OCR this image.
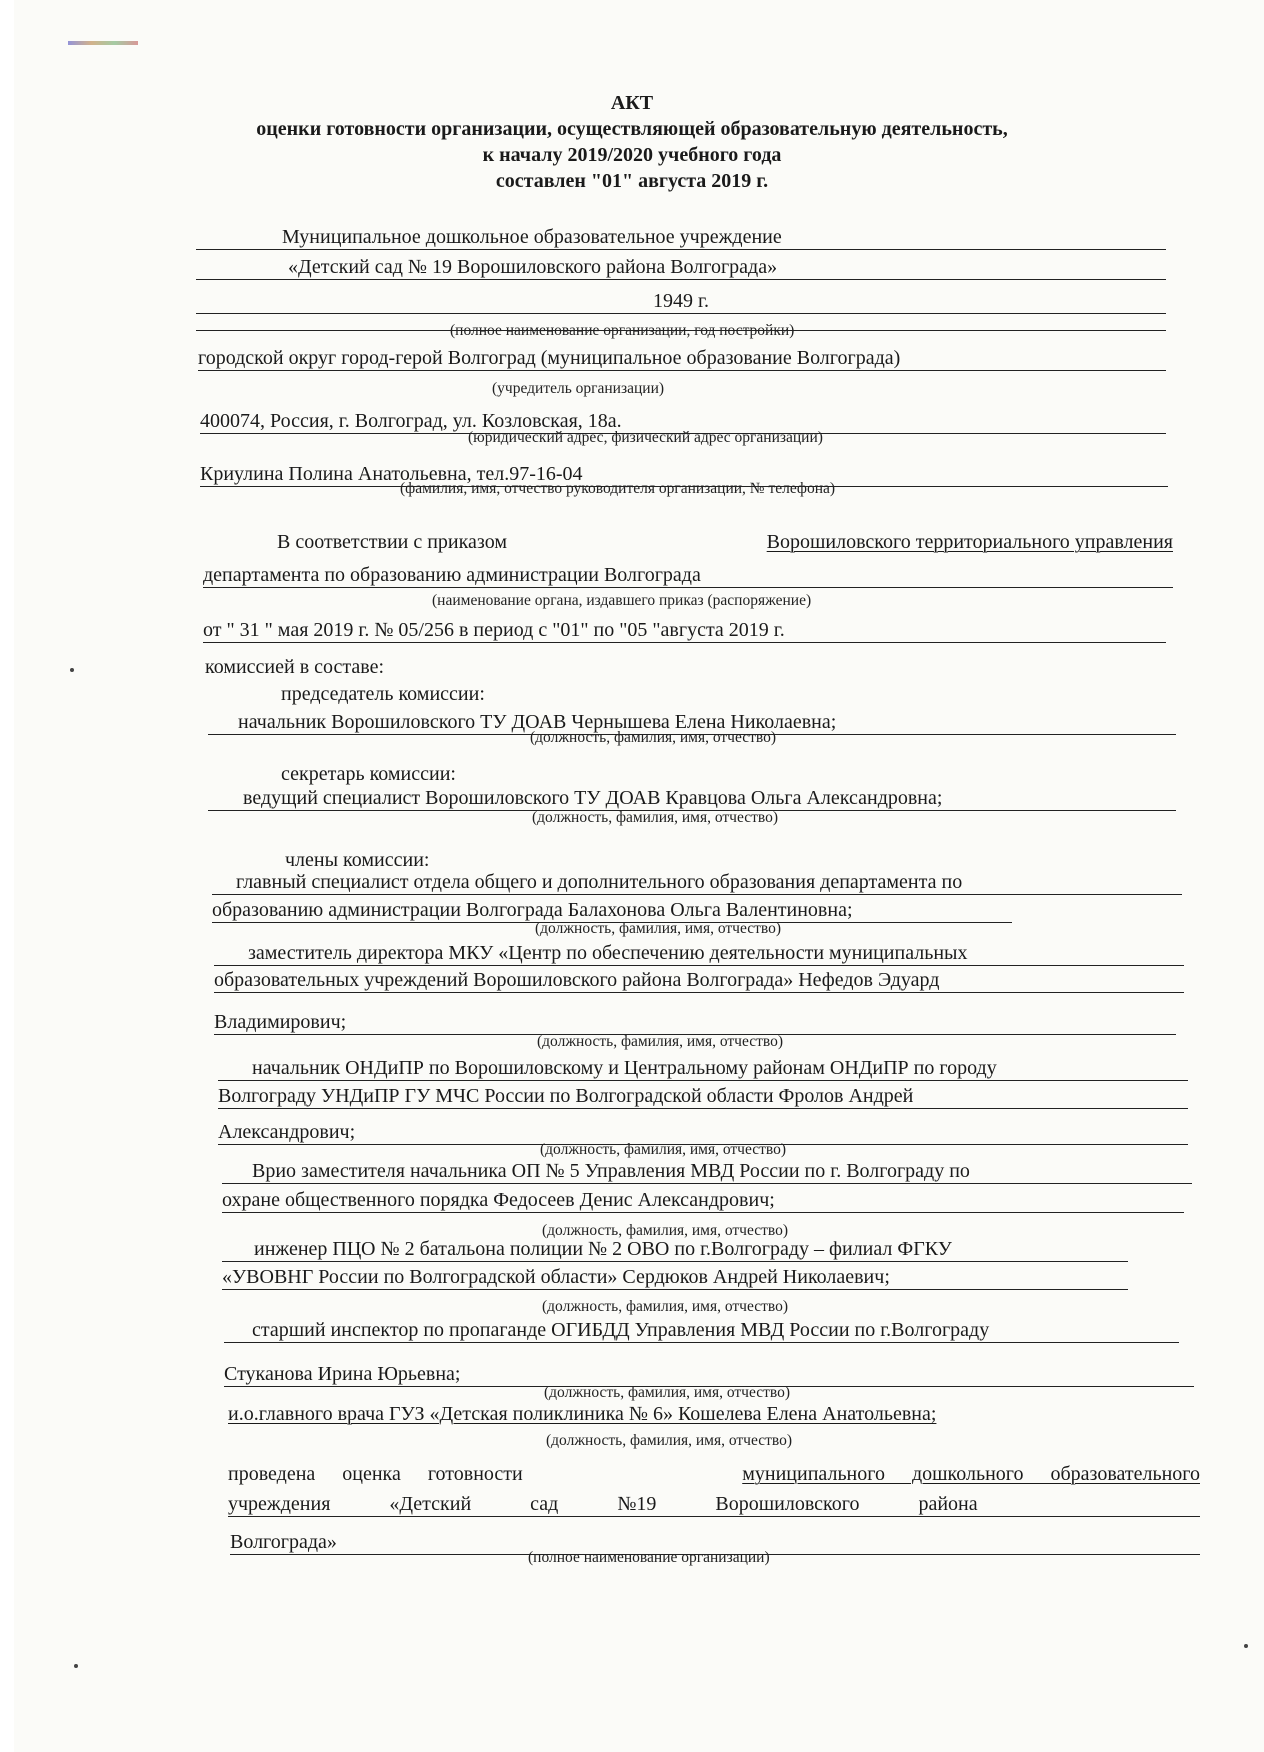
АКТ
оценки готовности организации, осуществляющей образовательную деятельность,
к началу 2019/2020 учебного года
составлен "01" августа 2019 г.
Муниципальное дошкольное образовательное учреждение
«Детский сад № 19 Ворошиловского района Волгограда»
1949 г.
(полное наименование организации, год постройки)
городской округ город-герой Волгоград (муниципальное образование Волгограда)
(учредитель организации)
400074, Россия, г. Волгоград, ул. Козловская, 18а.
(юридический адрес, физический адрес организации)
Криулина Полина Анатольевна, тел.97-16-04
(фамилия, имя, отчество руководителя организации, № телефона)
В соответствии с приказом	Ворошиловского территориального управления
департамента по образованию администрации Волгограда
(наименование органа, издавшего приказ (распоряжение)
от " 31 " мая 2019 г. № 05/256 в период с "01" по "05 "августа 2019 г.
комиссией в составе:
председатель комиссии:
начальник Ворошиловского ТУ ДОАВ Чернышева Елена Николаевна;
(должность, фамилия, имя, отчество)
секретарь комиссии:
ведущий специалист Ворошиловского ТУ ДОАВ Кравцова Ольга Александровна;
(должность, фамилия, имя, отчество)
члены комиссии:
главный специалист отдела общего и дополнительного образования департамента по
образованию администрации Волгограда Балахонова Ольга Валентиновна;
(должность, фамилия, имя, отчество)
заместитель директора МКУ «Центр по обеспечению деятельности муниципальных
образовательных учреждений Ворошиловского района Волгограда» Нефедов Эдуард
Владимирович;
(должность, фамилия, имя, отчество)
начальник ОНДиПР по Ворошиловскому и Центральному районам ОНДиПР по городу
Волгограду УНДиПР ГУ МЧС России по Волгоградской области Фролов Андрей
Александрович;
(должность, фамилия, имя, отчество)
Врио заместителя начальника ОП № 5 Управления МВД России по г. Волгограду по
охране общественного порядка Федосеев Денис Александрович;
(должность, фамилия, имя, отчество)
инженер ПЦО № 2 батальона полиции № 2 ОВО по г.Волгограду – филиал ФГКУ
«УВОВНГ России по Волгоградской области» Сердюков Андрей Николаевич;
(должность, фамилия, имя, отчество)
старший инспектор по пропаганде ОГИБДД Управления МВД России по г.Волгограду
Стуканова Ирина Юрьевна;
(должность, фамилия, имя, отчество)
и.о.главного врача ГУЗ «Детская поликлиника № 6» Кошелева Елена Анатольевна;
(должность, фамилия, имя, отчество)
проведена оценка готовности	муниципального дошкольного образовательного
учреждения «Детский сад №19 Ворошиловского района
Волгограда»
(полное наименование организации)
